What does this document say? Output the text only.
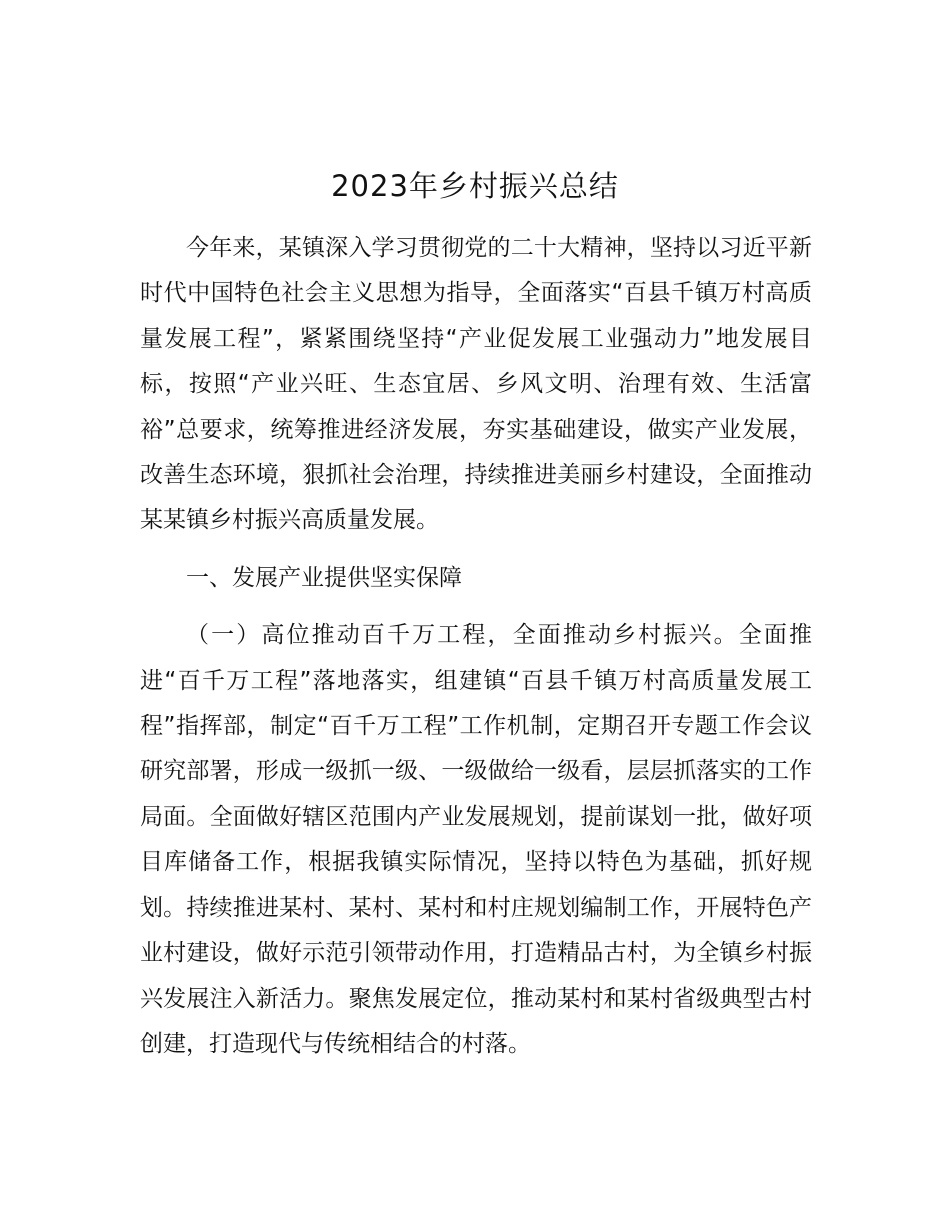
2023年乡村振兴总结

今年来，某镇深入学习贯彻党的二十大精神，坚持以习近平新时代中国特色社会主义思想为指导，全面落实“百县千镇万村高质量发展工程”，紧紧围绕坚持“产业促发展工业强动力”地发展目标，按照“产业兴旺、生态宜居、乡风文明、治理有效、生活富裕”总要求，统筹推进经济发展，夯实基础建设，做实产业发展，改善生态环境，狠抓社会治理，持续推进美丽乡村建设，全面推动某某镇乡村振兴高质量发展。

一、发展产业提供坚实保障

（一）高位推动百千万工程，全面推动乡村振兴。全面推进“百千万工程”落地落实，组建镇“百县千镇万村高质量发展工程”指挥部，制定“百千万工程”工作机制，定期召开专题工作会议研究部署，形成一级抓一级、一级做给一级看，层层抓落实的工作局面。全面做好辖区范围内产业发展规划，提前谋划一批，做好项目库储备工作，根据我镇实际情况，坚持以特色为基础，抓好规划。持续推进某村、某村、某村和村庄规划编制工作，开展特色产业村建设，做好示范引领带动作用，打造精品古村，为全镇乡村振兴发展注入新活力。聚焦发展定位，推动某村和某村省级典型古村创建，打造现代与传统相结合的村落。
